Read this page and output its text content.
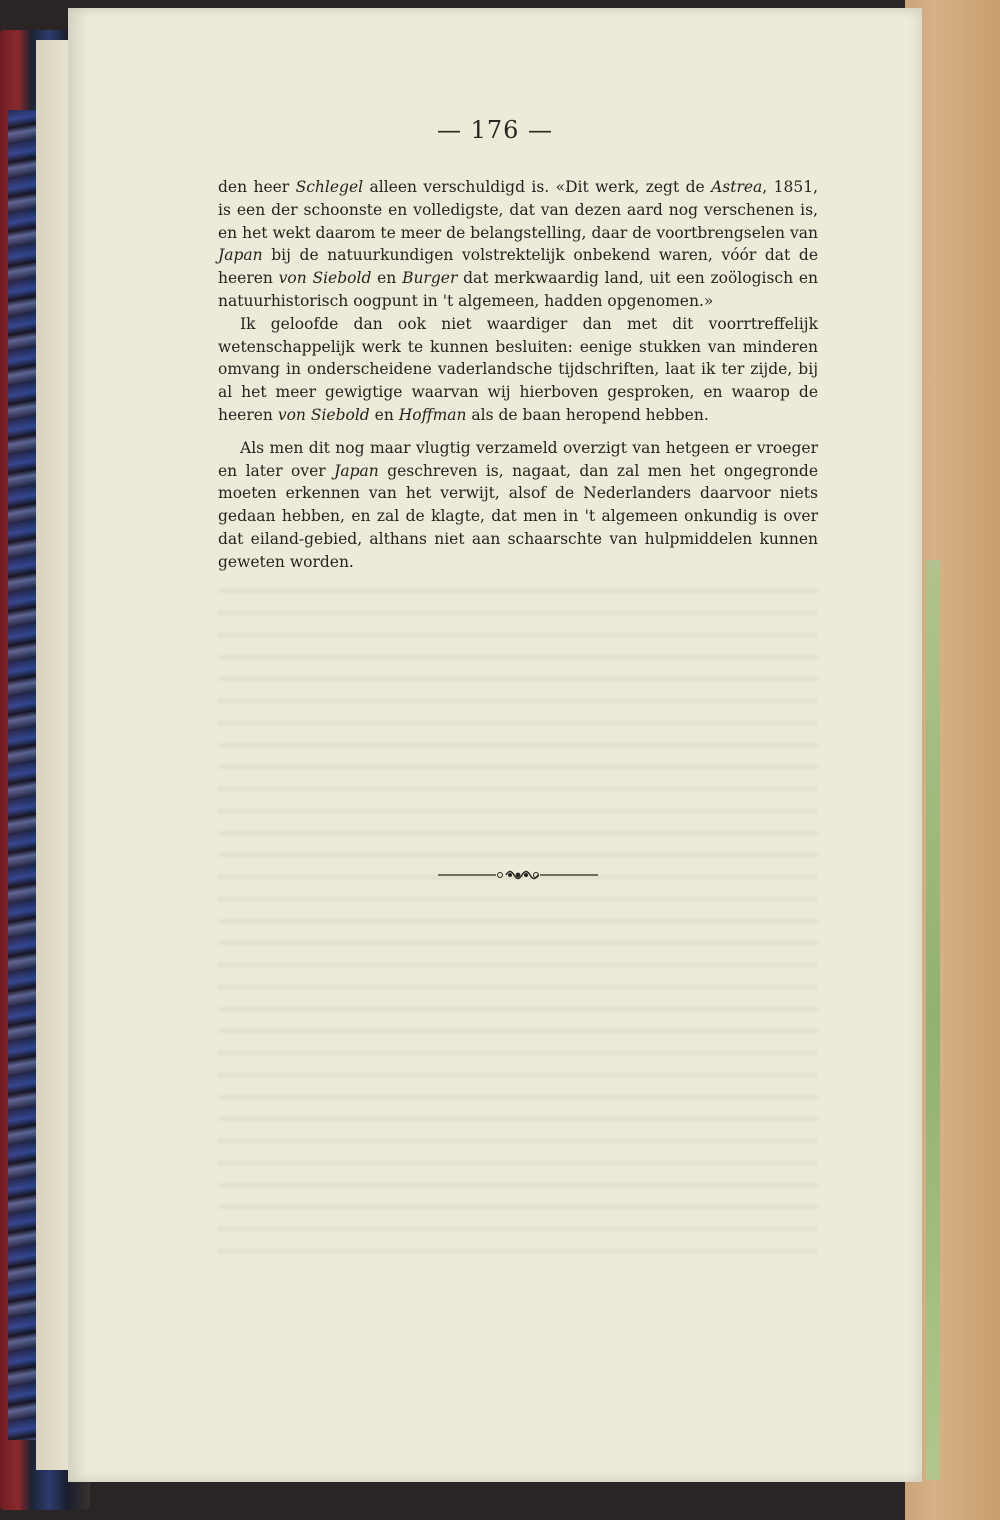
— 176 —

den heer Schlegel alleen verschuldigd is. «Dit werk, zegt de Astrea, 1851, is een der schoonste en volledigste, dat van dezen aard nog verschenen is, en het wekt daarom te meer de belangstelling, daar de voortbrengselen van Japan bij de natuurkundigen volstrektelijk onbekend waren, vóór dat de heeren von Siebold en Burger dat merkwaardig land, uit een zoölogisch en natuurhistorisch oogpunt in 't algemeen, hadden opgenomen.»

Ik geloofde dan ook niet waardiger dan met dit voorrtreffelijk wetenschappelijk werk te kunnen besluiten: eenige stukken van minderen omvang in onderscheidene vaderlandsche tijdschriften, laat ik ter zijde, bij al het meer gewigtige waarvan wij hierboven gesproken, en waarop de heeren von Siebold en Hoffman als de baan heropend hebben.

Als men dit nog maar vlugtig verzameld overzigt van hetgeen er vroeger en later over Japan geschreven is, nagaat, dan zal men het ongegronde moeten erkennen van het verwijt, alsof de Nederlanders daarvoor niets gedaan hebben, en zal de klagte, dat men in 't algemeen onkundig is over dat eiland-gebied, althans niet aan schaarschte van hulpmiddelen kunnen geweten worden.
